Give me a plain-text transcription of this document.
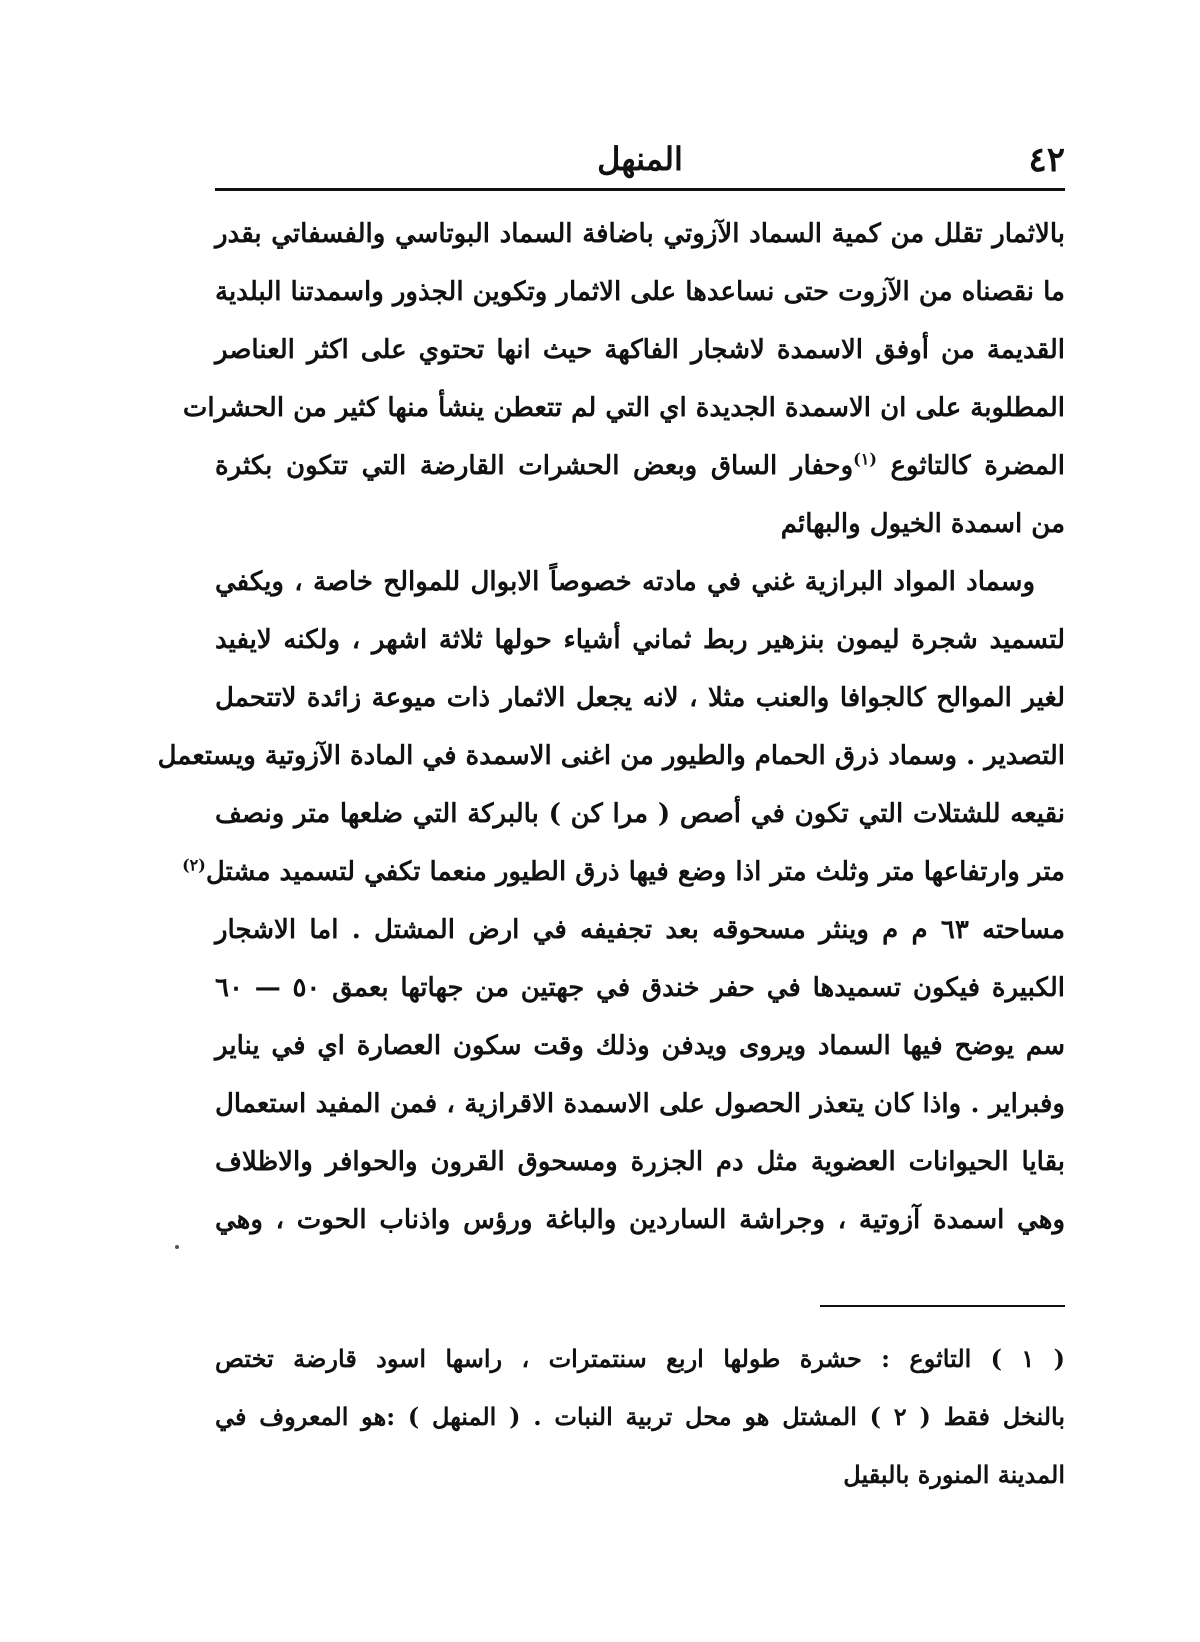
٤٢
المنهل
بالاثمار تقلل من كمية السماد الآزوتي باضافة السماد البوتاسي والفسفاتي بقدر
ما نقصناه من الآزوت حتى نساعدها على الاثمار وتكوين الجذور واسمدتنا البلدية
القديمة من أوفق الاسمدة لاشجار الفاكهة حيث انها تحتوي على اكثر العناصر
المطلوبة على ان الاسمدة الجديدة اي التي لم تتعطن ينشأ منها كثير من الحشرات
المضرة كالتاثوع $^{(١)}$وحفار الساق وبعض الحشرات القارضة التي تتكون بكثرة
من اسمدة الخيول والبهائم
وسماد المواد البرازية غني في مادته خصوصاً الابوال للموالح خاصة ، ويكفي
لتسميد شجرة ليمون بنزهير ربط ثماني أشياء حولها ثلاثة اشهر ، ولكنه لايفيد
لغير الموالح كالجوافا والعنب مثلا ، لانه يجعل الاثمار ذات ميوعة زائدة لاتتحمل
التصدير . وسماد ذرق الحمام والطيور من اغنى الاسمدة في المادة الآزوتية ويستعمل
نقيعه للشتلات التي تكون في أصص ( مرا كن ) بالبركة التي ضلعها متر ونصف
متر وارتفاعها متر وثلث متر اذا وضع فيها ذرق الطيور منعما تكفي لتسميد مشتل$^{(٢)}$
مساحته ٦٣ م م وينثر مسحوقه بعد تجفيفه في ارض المشتل . اما الاشجار
الكبيرة فيكون تسميدها في حفر خندق في جهتين من جهاتها بعمق ٥٠ — ٦٠
سم يوضح فيها السماد ويروى ويدفن وذلك وقت سكون العصارة اي في يناير
وفبراير . واذا كان يتعذر الحصول على الاسمدة الاقرازية ، فمن المفيد استعمال
بقايا الحيوانات العضوية مثل دم الجزرة ومسحوق القرون والحوافر والاظلاف
وهي اسمدة آزوتية ، وجراشة الساردين والباغة ورؤس واذناب الحوت ، وهي
( ١ ) التاثوع : حشرة طولها اربع سنتمترات ، راسها اسود قارضة تختص
بالنخل فقط ( ٢ ) المشتل هو محل تربية النبات . ( المنهل ) :هو المعروف في
المدينة المنورة بالبقيل
